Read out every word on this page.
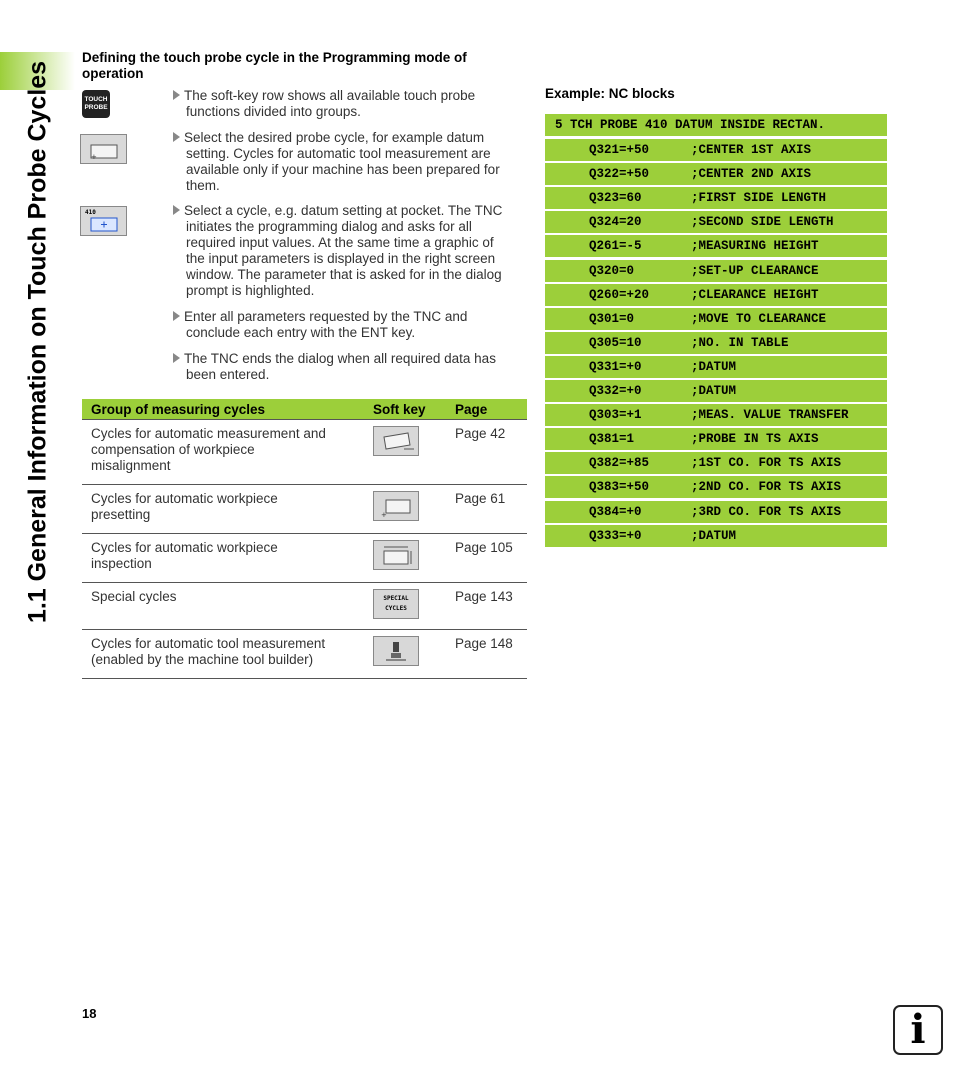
1.1 General Information on Touch Probe Cycles
Defining the touch probe cycle in the Programming mode of operation
TOUCH
PROBE
+
410
The soft-key row shows all available touch probe
functions divided into groups.
Select the desired probe cycle, for example datum
setting. Cycles for automatic tool measurement are
available only if your machine has been prepared for
them.
Select a cycle, e.g. datum setting at pocket. The TNC
initiates the programming dialog and asks for all
required input values. At the same time a graphic of
the input parameters is displayed in the right screen
window. The parameter that is asked for in the dialog
prompt is highlighted.
Enter all parameters requested by the TNC and
conclude each entry with the ENT key.
The TNC ends the dialog when all required data has
been entered.
Group of measuring cycles	Soft key	Page

Cycles for automatic measurement and
compensation of workpiece
misalignment		Page 42

Cycles for automatic workpiece
presetting	+	Page 61

Cycles for automatic workpiece
inspection		Page 105

Special cycles	SPECIAL
CYCLES	Page 143

Cycles for automatic tool measurement
(enabled by the machine tool builder)		Page 148
Example: NC blocks
5 TCH PROBE 410 DATUM INSIDE RECTAN.
Q321=+50	;CENTER 1ST AXIS
Q322=+50	;CENTER 2ND AXIS
Q323=60	;FIRST SIDE LENGTH
Q324=20	;SECOND SIDE LENGTH
Q261=-5	;MEASURING HEIGHT
Q320=0	;SET-UP CLEARANCE
Q260=+20	;CLEARANCE HEIGHT
Q301=0	;MOVE TO CLEARANCE
Q305=10	;NO. IN TABLE
Q331=+0	;DATUM
Q332=+0	;DATUM
Q303=+1	;MEAS. VALUE TRANSFER
Q381=1	;PROBE IN TS AXIS
Q382=+85	;1ST CO. FOR TS AXIS
Q383=+50	;2ND CO. FOR TS AXIS
Q384=+0	;3RD CO. FOR TS AXIS
Q333=+0	;DATUM
18	i
